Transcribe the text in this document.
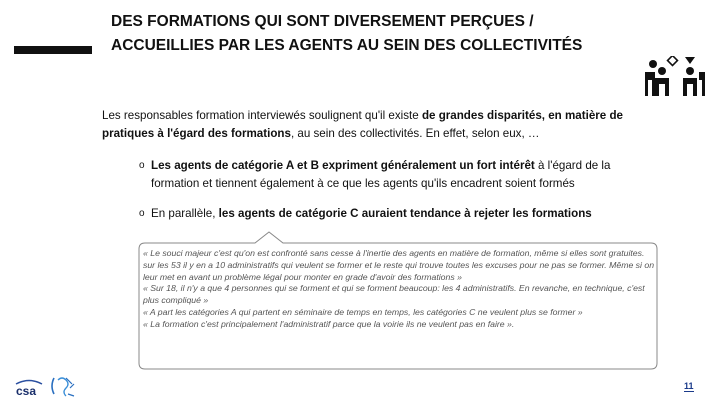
DES FORMATIONS QUI SONT DIVERSEMENT PERÇUES /
ACCUEILLIES PAR LES AGENTS AU SEIN DES COLLECTIVITÉS
Les responsables formation interviewés soulignent qu'il existe de grandes disparités, en matière de pratiques à l'égard des formations, au sein des collectivités. En effet, selon eux, …
o Les agents de catégorie A et B expriment généralement un fort intérêt à l'égard de la formation et tiennent également à ce que les agents qu'ils encadrent soient formés
o En parallèle, les agents de catégorie C auraient tendance à rejeter les formations
« Le souci majeur c'est qu'on est confronté sans cesse à l'inertie des agents en matière de formation, même si elles sont gratuites. sur les 53 il y en a 10 administratifs qui veulent se former et le reste qui trouve toutes les excuses pour ne pas se former. Même si on leur met en avant un problème légal pour monter en grade d'avoir des formations »
« Sur 18, il n'y a que 4 personnes qui se forment et qui se forment beaucoup: les 4 administratifs. En revanche, en technique, c'est plus compliqué »
« A part les catégories A qui partent en séminaire de temps en temps, les catégories C ne veulent plus se former »
« La formation c'est principalement l'administratif parce que la voirie ils ne veulent pas en faire ».
csa	11
